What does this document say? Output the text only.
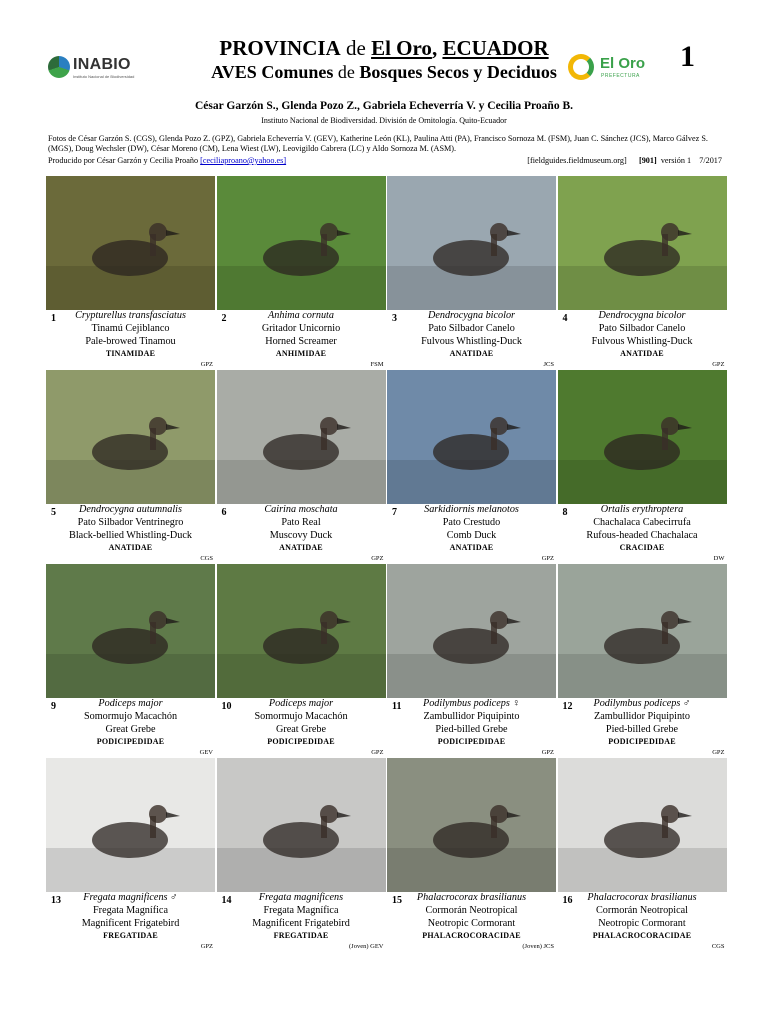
INABIO
Instituto Nacional de Biodiversidad
PROVINCIA de El Oro, ECUADOR
AVES Comunes de Bosques Secos y Deciduos	El Oro
PREFECTURA
1
César Garzón S., Glenda Pozo Z., Gabriela Echeverría V. y Cecilia Proaño B.
Instituto Nacional de Biodiversidad. División de Ornitología. Quito-Ecuador
Fotos de César Garzón S. (CGS), Glenda Pozo Z. (GPZ), Gabriela Echeverría V. (GEV), Katherine León (KL), Paulina Atti (PA), Francisco Sornoza M. (FSM), Juan C. Sánchez (JCS), Marco Gálvez S. (MGS), Doug Wechsler (DW), César Moreno (CM), Lena Wiest (LW), Leovigildo Cabrera (LC) y Aldo Sornoza M. (ASM).
Producido por César Garzón y Cecilia Proaño [ceciliaproano@yahoo.es]	[fieldguides.fieldmuseum.org] [901] versión 1 7/2017
1	Crypturellus transfasciatus
Tinamú Cejiblanco
Pale-browed Tinamou
TINAMIDAE
GPZ
2	Anhima cornuta
Gritador Unicornio
Horned Screamer
ANHIMIDAE
FSM
3	Dendrocygna bicolor
Pato Silbador Canelo
Fulvous Whistling-Duck
ANATIDAE
JCS
4	Dendrocygna bicolor
Pato Silbador Canelo
Fulvous Whistling-Duck
ANATIDAE
GPZ
5	Dendrocygna autumnalis
Pato Silbador Ventrinegro
Black-bellied Whistling-Duck
ANATIDAE
CGS
6	Cairina moschata
Pato Real
Muscovy Duck
ANATIDAE
GPZ
7	Sarkidiornis melanotos
Pato Crestudo
Comb Duck
ANATIDAE
GPZ
8	Ortalis erythroptera
Chachalaca Cabecirrufa
Rufous-headed Chachalaca
CRACIDAE
DW
9	Podiceps major
Somormujo Macachón
Great Grebe
PODICIPEDIDAE
GEV
10	Podiceps major
Somormujo Macachón
Great Grebe
PODICIPEDIDAE
GPZ
11	Podilymbus podiceps ♀
Zambullidor Piquipinto
Pied-billed Grebe
PODICIPEDIDAE
GPZ
12	Podilymbus podiceps ♂
Zambullidor Piquipinto
Pied-billed Grebe
PODICIPEDIDAE
GPZ
13	Fregata magnificens ♂
Fregata Magnífica
Magnificent Frigatebird
FREGATIDAE
GPZ
14	Fregata magnificens
Fregata Magnífica
Magnificent Frigatebird
FREGATIDAE
(Joven) GEV
15	Phalacrocorax brasilianus
Cormorán Neotropical
Neotropic Cormorant
PHALACROCORACIDAE
(Joven) JCS
16	Phalacrocorax brasilianus
Cormorán Neotropical
Neotropic Cormorant
PHALACROCORACIDAE
CGS
